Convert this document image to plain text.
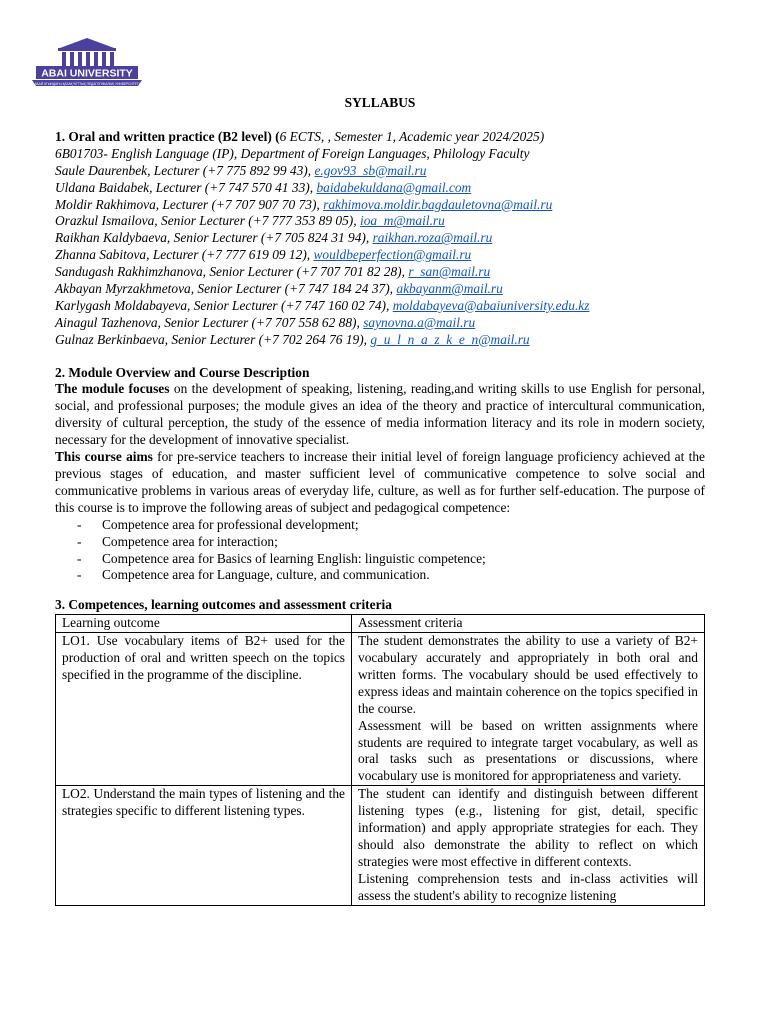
ABAI UNIVERSITY
АБАЙ АТЫНДАҒЫ ҚАЗАҚ ҰЛТТЫҚ ПЕДАГОГИКАЛЫҚ УНИВЕРСИТЕТІ
SYLLABUS
1. Oral and written practice (B2 level) (6 ECTS, , Semester 1, Academic year 2024/2025)
6B01703- English Language (IP), Department of Foreign Languages, Philology Faculty
Saule Daurenbek, Lecturer (+7 775 892 99 43), e.gov93_sb@mail.ru
Uldana Baidabek, Lecturer (+7 747 570 41 33), baidabekuldana@gmail.com
Moldir Rakhimova, Lecturer (+7 707 907 70 73), rakhimova.moldir.bagdauletovna@mail.ru
Orazkul Ismailova, Senior Lecturer (+7 777 353 89 05), ioa_m@mail.ru
Raikhan Kaldybaeva, Senior Lecturer (+7 705 824 31 94), raikhan.roza@mail.ru
Zhanna Sabitova, Lecturer (+7 777 619 09 12), wouldbeperfection@gmail.ru
Sandugash Rakhimzhanova, Senior Lecturer (+7 707 701 82 28), r_san@mail.ru
Akbayan Myrzakhmetova, Senior Lecturer (+7 747 184 24 37), akbayanm@mail.ru
Karlygash Moldabayeva, Senior Lecturer (+7 747 160 02 74), moldabayeva@abaiuniversity.edu.kz
Ainagul Tazhenova, Senior Lecturer (+7 707 558 62 88), saynovna.a@mail.ru
Gulnaz Berkinbaeva, Senior Lecturer (+7 702 264 76 19), g_u_l_n_a_z_k_e_n@mail.ru
2. Module Overview and Course Description
The module focuses on the development of speaking, listening, reading,and writing skills to use English for personal, social, and professional purposes; the module gives an idea of the theory and practice of intercultural communication, diversity of cultural perception, the study of the essence of media information literacy and its role in modern society, necessary for the development of innovative specialist.
This course aims for pre-service teachers to increase their initial level of foreign language proficiency achieved at the previous stages of education, and master sufficient level of communicative competence to solve social and communicative problems in various areas of everyday life, culture, as well as for further self-education. The purpose of this course is to improve the following areas of subject and pedagogical competence:
- Competence area for professional development;
- Competence area for interaction;
- Competence area for Basics of learning English: linguistic competence;
- Competence area for Language, culture, and communication.
3. Competences, learning outcomes and assessment criteria
Learning outcome	Assessment criteria
LO1. Use vocabulary items of B2+ used for the production of oral and written speech on the topics specified in the programme of the discipline.	The student demonstrates the ability to use a variety of B2+ vocabulary accurately and appropriately in both oral and written forms. The vocabulary should be used effectively to express ideas and maintain coherence on the topics specified in the course.
Assessment will be based on written assignments where students are required to integrate target vocabulary, as well as oral tasks such as presentations or discussions, where vocabulary use is monitored for appropriateness and variety.

LO2. Understand the main types of listening and the strategies specific to different listening types.	The student can identify and distinguish between different listening types (e.g., listening for gist, detail, specific information) and apply appropriate strategies for each. They should also demonstrate the ability to reflect on which strategies were most effective in different contexts.
Listening comprehension tests and in-class activities will assess the student's ability to recognize listening
